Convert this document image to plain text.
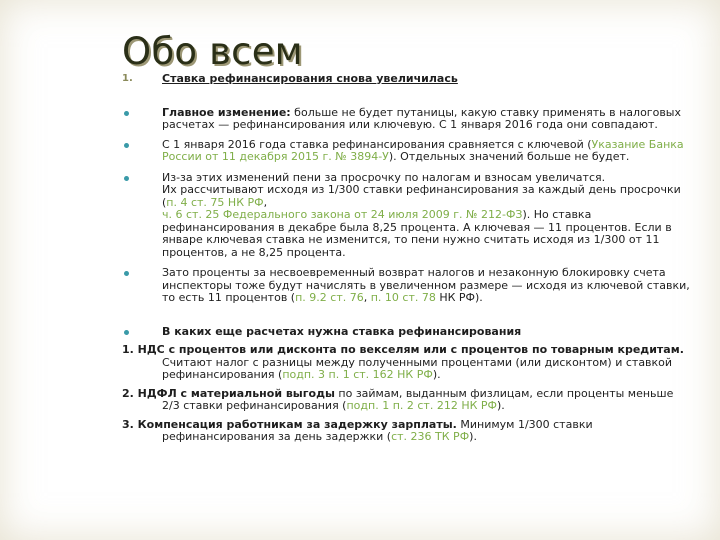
Обо всем
1.	Ставка рефинансирования снова увеличилась
Главное изменение: больше не будет путаницы, какую ставку применять в налоговых расчетах — рефинансирования или ключевую. С 1 января 2016 года они совпадают.
С 1 января 2016 года ставка рефинансирования сравняется с ключевой (Указание Банка России от 11 декабря 2015 г. № 3894-У). Отдельных значений больше не будет.
Из-за этих изменений пени за просрочку по налогам и взносам увеличатся.
Их рассчитывают исходя из 1/300 ставки рефинансирования за каждый день просрочки (п. 4 ст. 75 НК РФ,
ч. 6 ст. 25 Федерального закона от 24 июля 2009 г. № 212-ФЗ). Но ставка рефинансирования в декабре была 8,25 процента. А ключевая — 11 процентов. Если в январе ключевая ставка не изменится, то пени нужно считать исходя из 1/300 от 11 процентов, а не 8,25 процента.
Зато проценты за несвоевременный возврат налогов и незаконную блокировку счета инспекторы тоже будут начислять в увеличенном размере — исходя из ключевой ставки, то есть 11 процентов (п. 9.2 ст. 76, п. 10 ст. 78 НК РФ).
В каких еще расчетах нужна ставка рефинансирования
1. НДС с процентов или дисконта по векселям или с процентов по товарным кредитам. Считают налог с разницы между полученными процентами (или дисконтом) и ставкой рефинансирования (подп. 3 п. 1 ст. 162 НК РФ).
2. НДФЛ с материальной выгоды по займам, выданным физлицам, если проценты меньше 2/3 ставки рефинансирования (подп. 1 п. 2 ст. 212 НК РФ).
3. Компенсация работникам за задержку зарплаты. Минимум 1/300 ставки рефинансирования за день задержки (ст. 236 ТК РФ).
